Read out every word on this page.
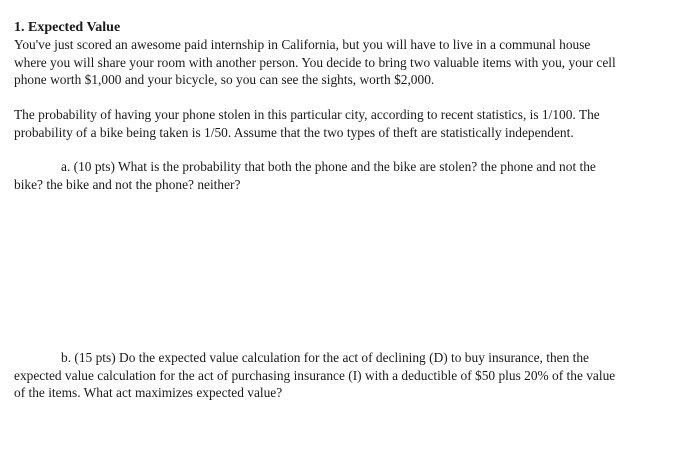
1. Expected Value

You've just scored an awesome paid internship in California, but you will have to live in a communal house
where you will share your room with another person. You decide to bring two valuable items with you, your cell
phone worth $1,000 and your bicycle, so you can see the sights, worth $2,000.

The probability of having your phone stolen in this particular city, according to recent statistics, is 1/100. The
probability of a bike being taken is 1/50. Assume that the two types of theft are statistically independent.

a. (10 pts) What is the probability that both the phone and the bike are stolen? the phone and not the
bike? the bike and not the phone? neither?

b. (15 pts) Do the expected value calculation for the act of declining (D) to buy insurance, then the
expected value calculation for the act of purchasing insurance (I) with a deductible of $50 plus 20% of the value
of the items. What act maximizes expected value?
